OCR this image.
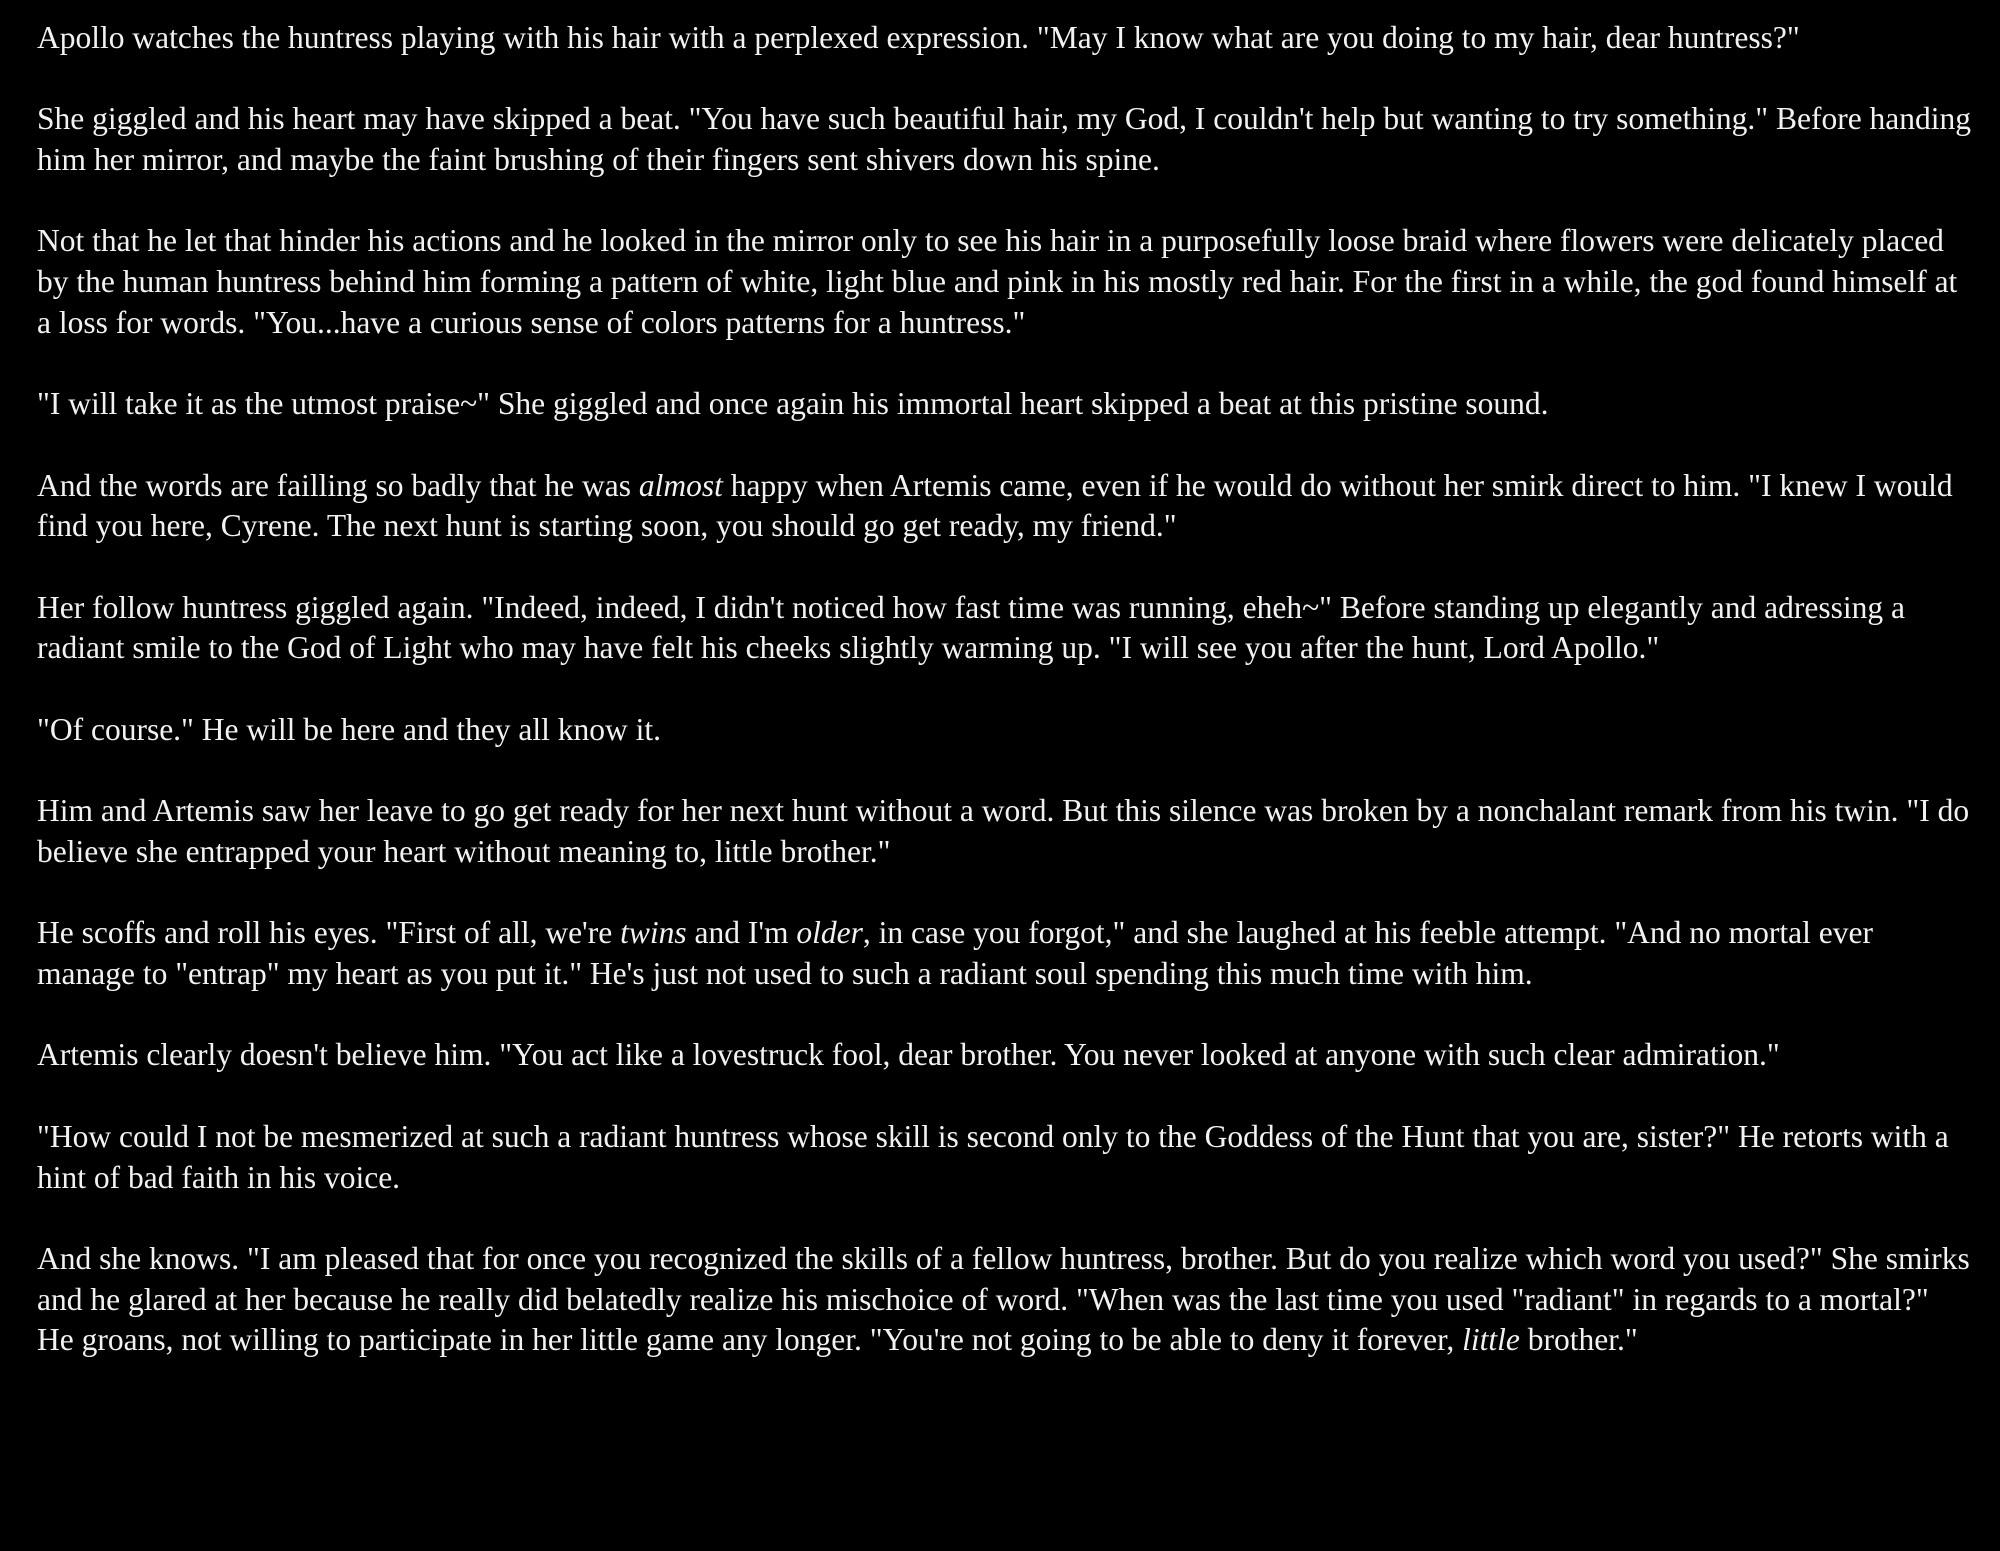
Apollo watches the huntress playing with his hair with a perplexed expression. "May I know what are you doing to my hair, dear huntress?"

She giggled and his heart may have skipped a beat. "You have such beautiful hair, my God, I couldn't help but wanting to try something." Before handing him her mirror, and maybe the faint brushing of their fingers sent shivers down his spine.

Not that he let that hinder his actions and he looked in the mirror only to see his hair in a purposefully loose braid where flowers were delicately placed by the human huntress behind him forming a pattern of white, light blue and pink in his mostly red hair. For the first in a while, the god found himself at a loss for words. "You...have a curious sense of colors patterns for a huntress."

"I will take it as the utmost praise~" She giggled and once again his immortal heart skipped a beat at this pristine sound.

And the words are failling so badly that he was almost happy when Artemis came, even if he would do without her smirk direct to him. "I knew I would find you here, Cyrene. The next hunt is starting soon, you should go get ready, my friend."

Her follow huntress giggled again. "Indeed, indeed, I didn't noticed how fast time was running, eheh~" Before standing up elegantly and adressing a radiant smile to the God of Light who may have felt his cheeks slightly warming up. "I will see you after the hunt, Lord Apollo."

"Of course." He will be here and they all know it.

Him and Artemis saw her leave to go get ready for her next hunt without a word. But this silence was broken by a nonchalant remark from his twin. "I do believe she entrapped your heart without meaning to, little brother."

He scoffs and roll his eyes. "First of all, we're twins and I'm older, in case you forgot," and she laughed at his feeble attempt. "And no mortal ever manage to "entrap" my heart as you put it." He's just not used to such a radiant soul spending this much time with him.

Artemis clearly doesn't believe him. "You act like a lovestruck fool, dear brother. You never looked at anyone with such clear admiration."

"How could I not be mesmerized at such a radiant huntress whose skill is second only to the Goddess of the Hunt that you are, sister?" He retorts with a hint of bad faith in his voice.

And she knows. "I am pleased that for once you recognized the skills of a fellow huntress, brother. But do you realize which word you used?" She smirks and he glared at her because he really did belatedly realize his mischoice of word. "When was the last time you used "radiant" in regards to a mortal?" He groans, not willing to participate in her little game any longer. "You're not going to be able to deny it forever, little brother."
